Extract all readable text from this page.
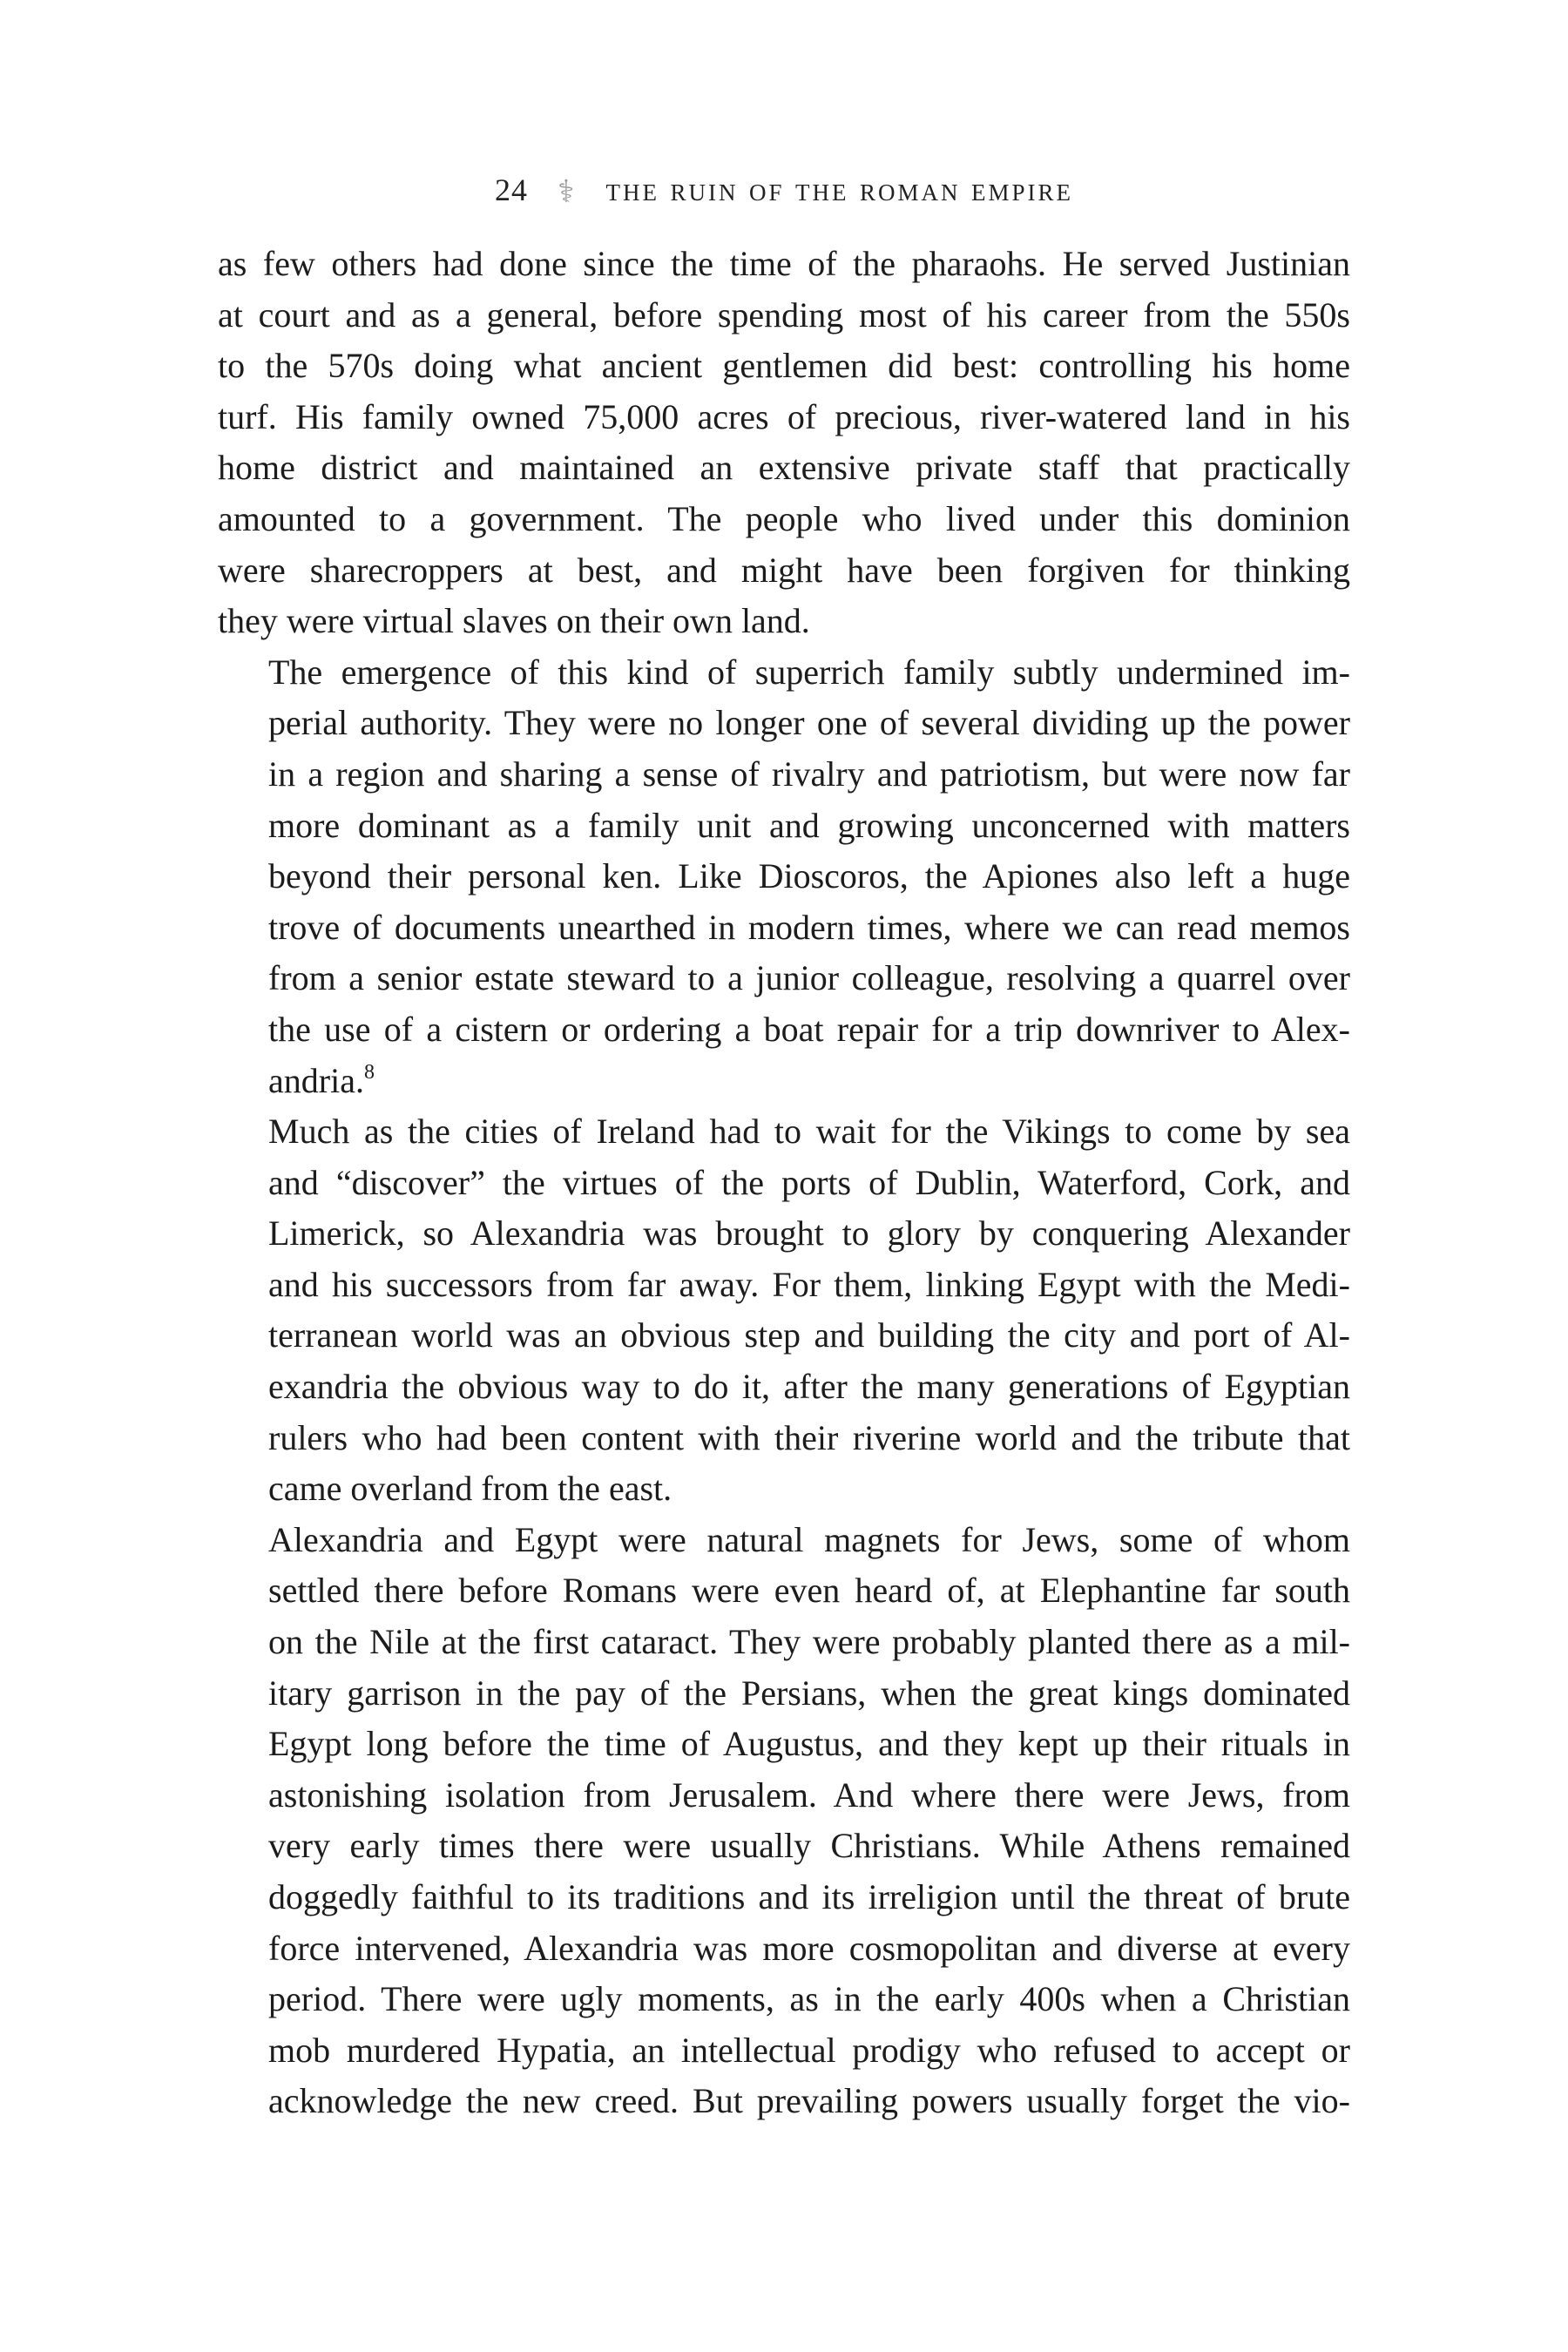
24 ⚕ the ruin of the roman empire

as few others had done since the time of the pharaohs. He served Justinian
at court and as a general, before spending most of his career from the 550s
to the 570s doing what ancient gentlemen did best: controlling his home
turf. His family owned 75,000 acres of precious, river-watered land in his
home district and maintained an extensive private staff that practically
amounted to a government. The people who lived under this dominion
were sharecroppers at best, and might have been forgiven for thinking
they were virtual slaves on their own land.

The emergence of this kind of superrich family subtly undermined im-
perial authority. They were no longer one of several dividing up the power
in a region and sharing a sense of rivalry and patriotism, but were now far
more dominant as a family unit and growing unconcerned with matters
beyond their personal ken. Like Dioscoros, the Apiones also left a huge
trove of documents unearthed in modern times, where we can read memos
from a senior estate steward to a junior colleague, resolving a quarrel over
the use of a cistern or ordering a boat repair for a trip downriver to Alex-
andria.$^8$

Much as the cities of Ireland had to wait for the Vikings to come by sea
and “discover” the virtues of the ports of Dublin, Waterford, Cork, and
Limerick, so Alexandria was brought to glory by conquering Alexander
and his successors from far away. For them, linking Egypt with the Medi-
terranean world was an obvious step and building the city and port of Al-
exandria the obvious way to do it, after the many generations of Egyptian
rulers who had been content with their riverine world and the tribute that
came overland from the east.

Alexandria and Egypt were natural magnets for Jews, some of whom
settled there before Romans were even heard of, at Elephantine far south
on the Nile at the first cataract. They were probably planted there as a mil-
itary garrison in the pay of the Persians, when the great kings dominated
Egypt long before the time of Augustus, and they kept up their rituals in
astonishing isolation from Jerusalem. And where there were Jews, from
very early times there were usually Christians. While Athens remained
doggedly faithful to its traditions and its irreligion until the threat of brute
force intervened, Alexandria was more cosmopolitan and diverse at every
period. There were ugly moments, as in the early 400s when a Christian
mob murdered Hypatia, an intellectual prodigy who refused to accept or
acknowledge the new creed. But prevailing powers usually forget the vio-
